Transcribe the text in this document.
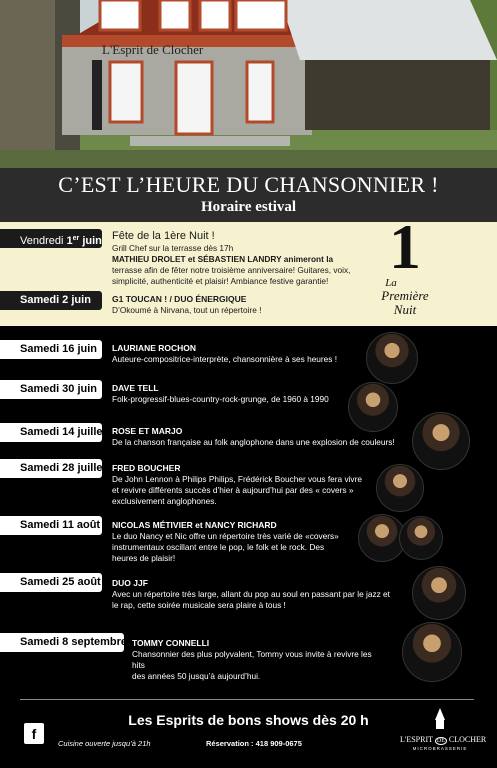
L'Esprit de Clocher
C’EST L’HEURE DU CHANSONNIER !
Horaire estival
Vendredi 1er juin Fête de la 1ère Nuit !
Grill Chef sur la terrasse dès 17h
MATHIEU DROLET et SÉBASTIEN LANDRY animeront la
terrasse afin de fêter notre troisième anniversaire! Guitares, voix,
simplicité, authenticité et plaisir! Ambiance festive garantie!
Samedi 2 juin	G1 TOUCAN ! / DUO ÉNERGIQUE
D’Okoumé à Nirvana, tout un répertoire !
1
La
Première
Nuit
Samedi 16 juin	LAURIANE ROCHON
Auteure-compositrice-interprète, chansonnière à ses heures !
Samedi 30 juin	DAVE TELL
Folk-progressif-blues-country-rock-grunge, de 1960 à 1990
Samedi 14 juillet ROSE ET MARJO
De la chanson française au folk anglophone dans une explosion de couleurs!
Samedi 28 juillet FRED BOUCHER
De John Lennon à Philips Philips, Frédérick Boucher vous fera vivre
et revivre différents succès d’hier à aujourd’hui par des « covers »
exclusivement anglophones.
Samedi 11 août NICOLAS MÉTIVIER et NANCY RICHARD
Le duo Nancy et Nic offre un répertoire très varié de «covers»
instrumentaux oscillant entre le pop, le folk et le rock. Des
heures de plaisir!
Samedi 25 août DUO JJF
Avec un répertoire très large, allant du pop au soul en passant par le jazz et
le rap, cette soirée musicale sera plaire à tous !
Samedi 8 septembre TOMMY CONNELLI
Chansonnier des plus polyvalent, Tommy vous invite à revivre les hits
des années 50 jusqu’à aujourd’hui.
Les Esprits de bons shows dès 20 h
f
Cuisine ouverte jusqu’à 21h	Réservation : 418 909-0675	L'ESPRIT DE CLOCHER
MICROBRASSERIE
